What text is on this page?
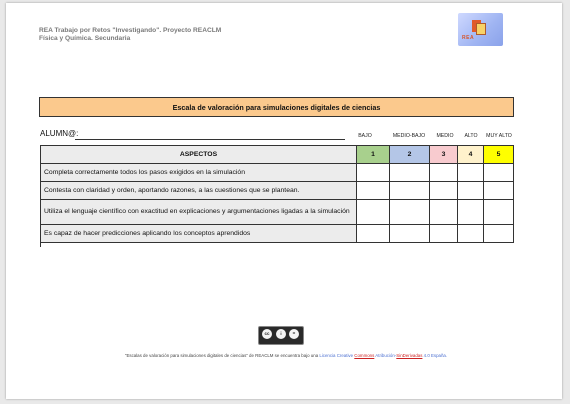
REA Trabajo por Retos "Investigando". Proyecto REACLM
Física y Química. Secundaria	REA
Escala de valoración para simulaciones digitales de ciencias
ALUMN@:	BAJO	MEDIO-BAJO	MEDIO	ALTO	MUY ALTO
ASPECTOS	1	2	3	4	5
Completa correctamente todos los pasos exigidos en la simulación					
Contesta con claridad y orden, aportando razones, a las cuestiones que se plantean.					
Utiliza el lenguaje científico con exactitud en explicaciones y argumentaciones ligadas a la simulación					
Es capaz de hacer predicciones aplicando los conceptos aprendidos					
cc	i	=
"Escalas de valoración para simulaciones digitales de ciencias" de REACLM se encuentra bajo una Licencia Creative Commons Atribución-SinDerivadas 4.0 España.
